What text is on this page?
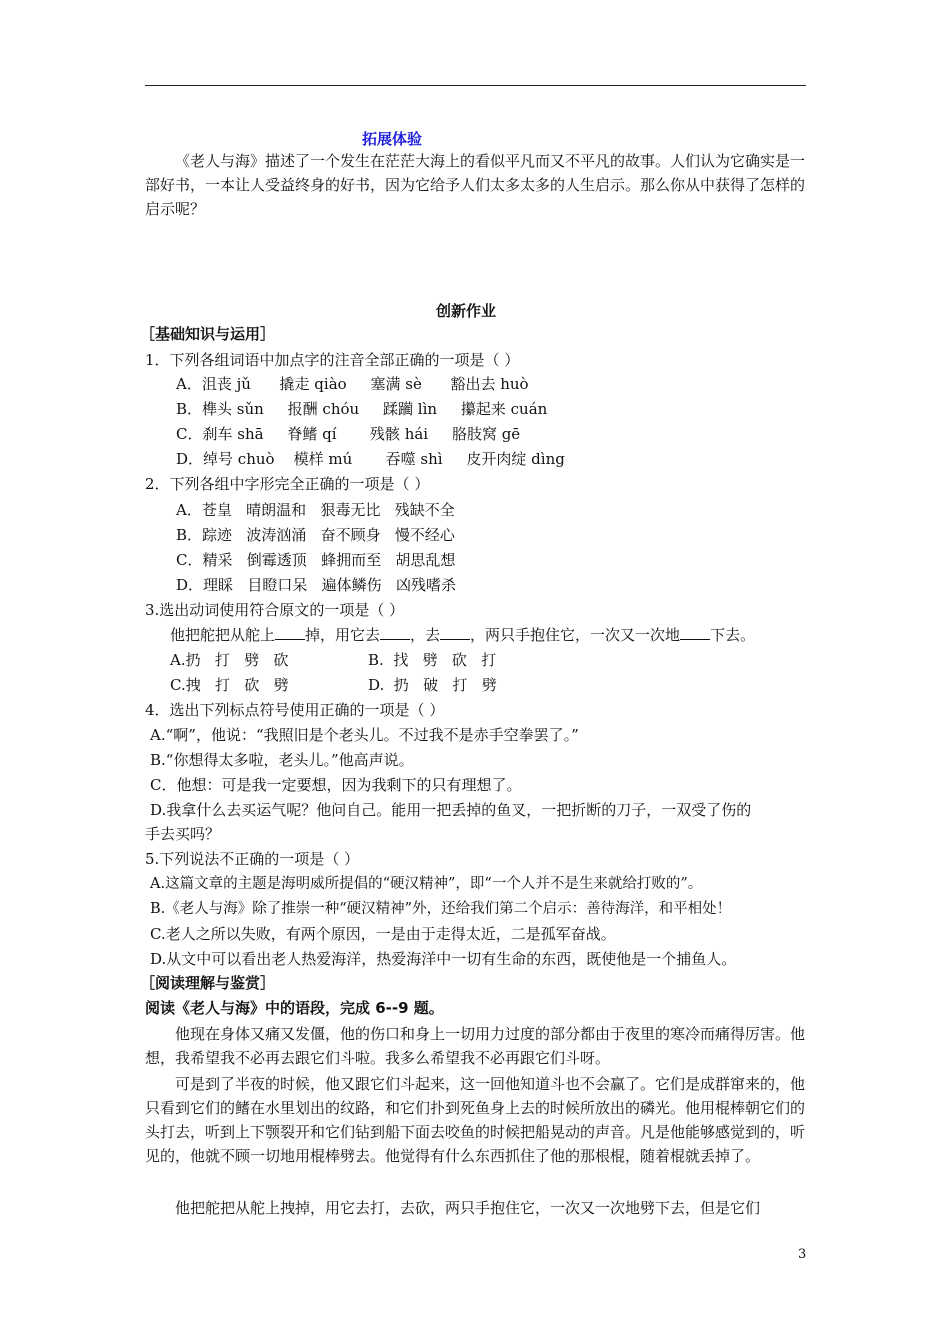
拓展体验
《老人与海》描述了一个发生在茫茫大海上的看似平凡而又不平凡的故事。人们认为它确实是一部好书，一本让人受益终身的好书，因为它给予人们太多太多的人生启示。那么你从中获得了怎样的启示呢？
创新作业
［基础知识与运用］
1．下列各组词语中加点字的注音全部正确的一项是（ ）
A．沮丧 jǔ      撬走 qiào     塞满 sè      豁出去 huò
B．榫头 sǔn     报酬 chóu     蹂躏 lìn     攥起来 cuán
C．刹车 shā     脊鳍 qí       残骸 hái     胳肢窝 gē
D．绰号 chuò    模样 mú       吞噬 shì     皮开肉绽 dìng
2．下列各组中字形完全正确的一项是（ ）
A．苍皇   晴朗温和   狠毒无比   残缺不全
B．踪迹   波涛汹涌   奋不顾身   慢不经心
C．精采   倒霉透顶   蜂拥而至   胡思乱想
D．理睬   目瞪口呆   遍体鳞伤   凶残嗜杀
3.选出动词使用符合原文的一项是（ ）
他把舵把从舵上 掉，用它去 ，去 ，两只手抱住它，一次又一次地 下去。
A.扔   打   劈   砍	B.  找   劈   砍   打
C.拽   打   砍   劈	D.  扔   破   打   劈
4．选出下列标点符号使用正确的一项是（ ）
A.“啊”，他说：“我照旧是个老头儿。不过我不是赤手空拳罢了。”
B.“你想得太多啦，老头儿。”他高声说。
C．他想：可是我一定要想，因为我剩下的只有理想了。
D.我拿什么去买运气呢？他问自己。能用一把丢掉的鱼叉，一把折断的刀子，一双受了伤的
手去买吗？
5.下列说法不正确的一项是（ ）
A.这篇文章的主题是海明威所提倡的“硬汉精神”，即“一个人并不是生来就给打败的”。
B.《老人与海》除了推崇一种“硬汉精神”外，还给我们第二个启示：善待海洋，和平相处！
C.老人之所以失败，有两个原因，一是由于走得太近，二是孤军奋战。
D.从文中可以看出老人热爱海洋，热爱海洋中一切有生命的东西，既使他是一个捕鱼人。
［阅读理解与鉴赏］
阅读《老人与海》中的语段，完成 6--9 题。
他现在身体又痛又发僵，他的伤口和身上一切用力过度的部分都由于夜里的寒冷而痛得厉害。他想，我希望我不必再去跟它们斗啦。我多么希望我不必再跟它们斗呀。
可是到了半夜的时候，他又跟它们斗起来，这一回他知道斗也不会赢了。它们是成群窜来的，他只看到它们的鳍在水里划出的纹路，和它们扑到死鱼身上去的时候所放出的磷光。他用棍棒朝它们的头打去，听到上下颚裂开和它们钻到船下面去咬鱼的时候把船晃动的声音。凡是他能够感觉到的，听见的，他就不顾一切地用棍棒劈去。他觉得有什么东西抓住了他的那根棍，随着棍就丢掉了。
他把舵把从舵上拽掉，用它去打，去砍，两只手抱住它，一次又一次地劈下去，但是它们
3
